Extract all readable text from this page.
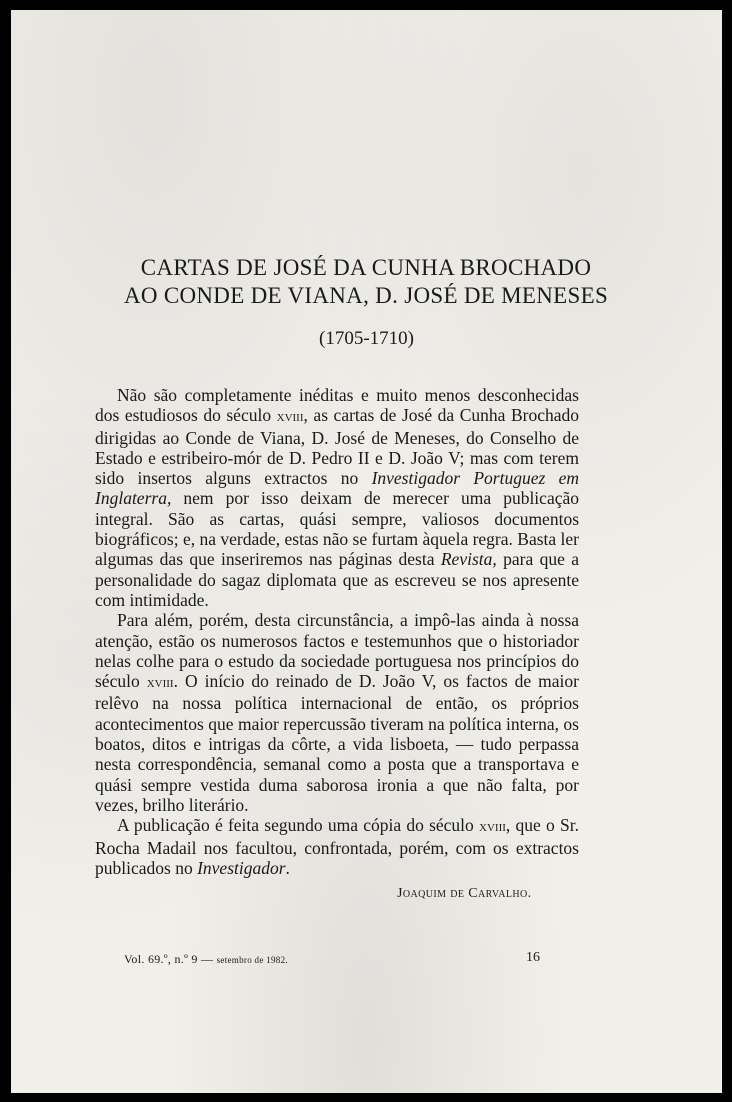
CARTAS DE JOSÉ DA CUNHA BROCHADO
AO CONDE DE VIANA, D. JOSÉ DE MENESES
(1705-1710)

Não são completamente inéditas e muito menos desconhecidas dos estudiosos do século xviii, as cartas de José da Cunha Brochado dirigidas ao Conde de Viana, D. José de Meneses, do Conselho de Estado e estribeiro-mór de D. Pedro II e D. João V; mas com terem sido insertos alguns extractos no Investigador Portuguez em Inglaterra, nem por isso deixam de merecer uma publicação integral. São as cartas, quási sempre, valiosos documentos biográficos; e, na verdade, estas não se furtam àquela regra. Basta ler algumas das que inseriremos nas páginas desta Revista, para que a personalidade do sagaz diplomata que as escreveu se nos apresente com intimidade.

Para além, porém, desta circunstância, a impô-las ainda à nossa atenção, estão os numerosos factos e testemunhos que o historiador nelas colhe para o estudo da sociedade portuguesa nos princípios do século xviii. O início do reinado de D. João V, os factos de maior relêvo na nossa política internacional de então, os próprios acontecimentos que maior repercussão tiveram na política interna, os boatos, ditos e intrigas da côrte, a vida lisboeta, — tudo perpassa nesta correspondência, semanal como a posta que a transportava e quási sempre vestida duma saborosa ironia a que não falta, por vezes, brilho literário.

A publicação é feita segundo uma cópia do século xviii, que o Sr. Rocha Madail nos facultou, confrontada, porém, com os extractos publicados no Investigador.

Joaquim de Carvalho.
Vol. 69.º, n.º 9 — setembro de 1982.	16
